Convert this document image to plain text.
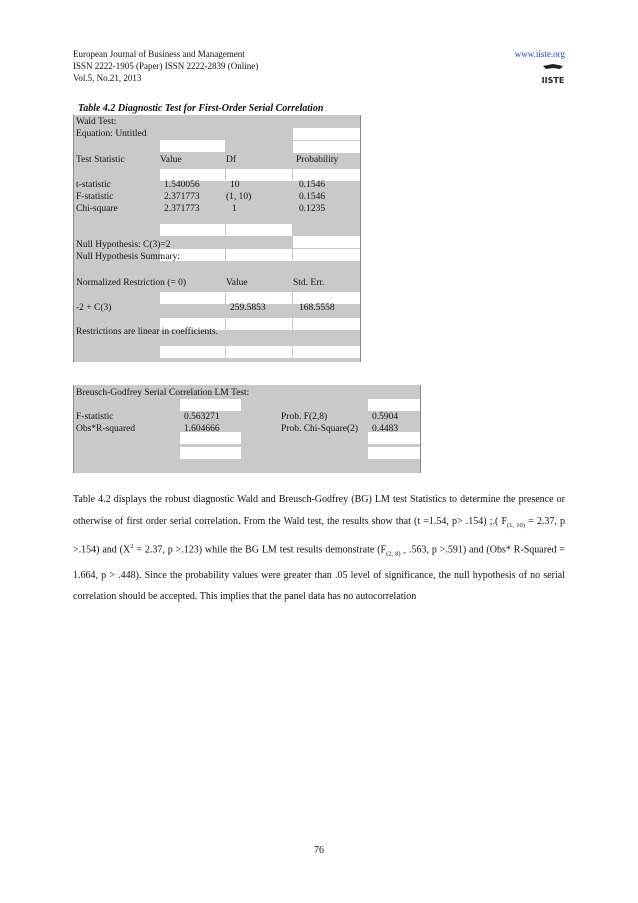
European Journal of Business and Management
ISSN 2222-1905 (Paper) ISSN 2222-2839 (Online)
Vol.5, No.21, 2013
www.iiste.org
IISTE
Table 4.2 Diagnostic Test for First-Order Serial Correlation
Wald Test:
Equation: Untitled
Test Statistic	Value	Df	Probability
t-statistic	1.540056	10	0.1546
F-statistic	2.371773	(1, 10)	0.1546
Chi-square	2.371773	1	0.1235
Null Hypothesis: C(3)=2
Null Hypothesis Summary:
Normalized Restriction (= 0)	Value	Std. Err.
-2 + C(3)	259.5853	168.5558
Restrictions are linear in coefficients.
Breusch-Godfrey Serial Correlation LM Test:
F-statistic	0.563271	Prob. F(2,8)	0.5904
Obs*R-squared	1.604666	Prob. Chi-Square(2) 0.4483
Table 4.2 displays the robust diagnostic Wald and Breusch-Godfrey (BG) LM test Statistics to determine the presence or otherwise of first order serial correlation. From the Wald test, the results show that (t =1.54, p> .154) ;.( $F_{(1, 10)} = 2.37$, p >.154) and ($X^2 = 2.37$, p >.123) while the BG LM test results demonstrate ($F_{(2, 8) =}$ .563, p >.591) and (Obs* R-Squared = 1.664, p > .448). Since the probability values were greater than .05 level of significance, the null hypothesis of no serial correlation should be accepted. This implies that the panel data has no autocorrelation
76
